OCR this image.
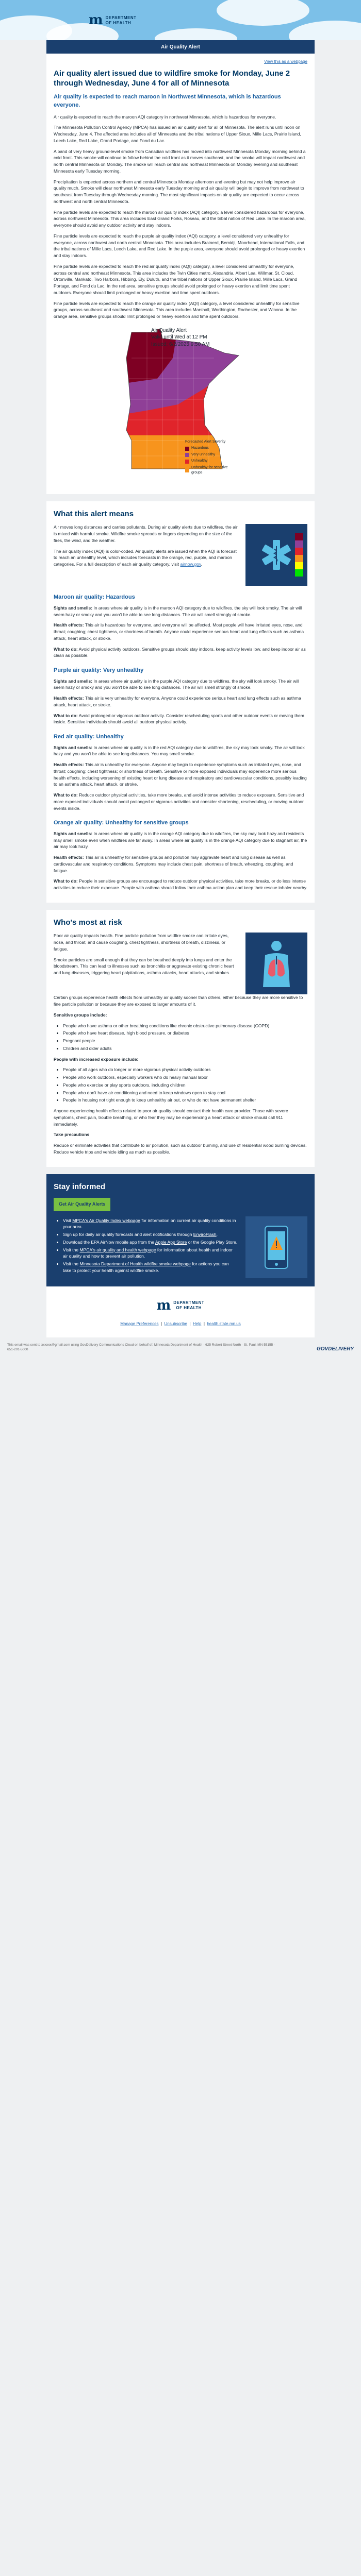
m DEPARTMENT
OF HEALTH
Air Quality Alert
View this as a webpage
Air quality alert issued due to wildfire smoke for Monday, June 2 through Wednesday, June 4 for all of Minnesota
Air quality is expected to reach maroon in Northwest Minnesota, which is hazardous everyone.

Air quality is expected to reach the maroon AQI category in northwest Minnesota, which is hazardous for everyone.

The Minnesota Pollution Control Agency (MPCA) has issued an air quality alert for all of Minnesota. The alert runs until noon on Wednesday, June 4. The affected area includes all of Minnesota and the tribal nations of Upper Sioux, Mille Lacs, Prairie Island, Leech Lake, Red Lake, Grand Portage, and Fond du Lac.

A band of very heavy ground-level smoke from Canadian wildfires has moved into northwest Minnesota Monday morning behind a cold front. This smoke will continue to follow behind the cold front as it moves southeast, and the smoke will impact northwest and north central Minnesota on Monday. The smoke will reach central and northeast Minnesota on Monday evening and southeast Minnesota early Tuesday morning.

Precipitation is expected across northern and central Minnesota Monday afternoon and evening but may not help improve air quality much. Smoke will clear northwest Minnesota early Tuesday morning and air quality will begin to improve from northwest to southeast from Tuesday through Wednesday morning. The most significant impacts on air quality are expected to occur across northwest and north central Minnesota.

Fine particle levels are expected to reach the maroon air quality index (AQI) category, a level considered hazardous for everyone, across northwest Minnesota. This area includes East Grand Forks, Roseau, and the tribal nation of Red Lake. In the maroon area, everyone should avoid any outdoor activity and stay indoors.

Fine particle levels are expected to reach the purple air quality index (AQI) category, a level considered very unhealthy for everyone, across northwest and north central Minnesota. This area includes Brainerd, Bemidji, Moorhead, International Falls, and the tribal nations of Mille Lacs, Leech Lake, and Red Lake. In the purple area, everyone should avoid prolonged or heavy exertion and stay indoors.

Fine particle levels are expected to reach the red air quality index (AQI) category, a level considered unhealthy for everyone, across central and northeast Minnesota. This area includes the Twin Cities metro, Alexandria, Albert Lea, Willmar, St. Cloud, Ortonville, Mankato, Two Harbors, Hibbing, Ely, Duluth, and the tribal nations of Upper Sioux, Prairie Island, Mille Lacs, Grand Portage, and Fond du Lac. In the red area, sensitive groups should avoid prolonged or heavy exertion and limit time spent outdoors. Everyone should limit prolonged or heavy exertion and time spent outdoors.

Fine particle levels are expected to reach the orange air quality index (AQI) category, a level considered unhealthy for sensitive groups, across southeast and southwest Minnesota. This area includes Marshall, Worthington, Rochester, and Winona. In the orange area, sensitive groups should limit prolonged or heavy exertion and time spent outdoors.

Air Quality Alert
Valid until Wed at 12 PM
Issued: 6/2/2025 9:50 AM
Forecasted Alert Severity
Hazardous
Very unhealthy
Unhealthy
Unhealthy for sensitive groups
What this alert means

Air moves long distances and carries pollutants. During air quality alerts due to wildfires, the air is mixed with harmful smoke. Wildfire smoke spreads or lingers depending on the size of the fires, the wind, and the weather.

The air quality index (AQI) is color-coded. Air quality alerts are issued when the AQI is forecast to reach an unhealthy level, which includes forecasts in the orange, red, purple, and maroon categories. For a full description of each air quality category, visit airnow.gov.

Maroon air quality: Hazardous

Sights and smells: In areas where air quality is in the maroon AQI category due to wildfires, the sky will look smoky. The air will seem hazy or smoky and you won't be able to see long distances. The air will smell strongly of smoke.

Health effects: This air is hazardous for everyone, and everyone will be affected. Most people will have irritated eyes, nose, and throat; coughing; chest tightness, or shortness of breath. Anyone could experience serious heart and lung effects such as asthma attack, heart attack, or stroke.

What to do: Avoid physical activity outdoors. Sensitive groups should stay indoors, keep activity levels low, and keep indoor air as clean as possible.

Purple air quality: Very unhealthy

Sights and smells: In areas where air quality is in the purple AQI category due to wildfires, the sky will look smoky. The air will seem hazy or smoky and you won't be able to see long distances. The air will smell strongly of smoke.

Health effects: This air is very unhealthy for everyone. Anyone could experience serious heart and lung effects such as asthma attack, heart attack, or stroke.

What to do: Avoid prolonged or vigorous outdoor activity. Consider rescheduling sports and other outdoor events or moving them inside. Sensitive individuals should avoid all outdoor physical activity.

Red air quality: Unhealthy

Sights and smells: In areas where air quality is in the red AQI category due to wildfires, the sky may look smoky. The air will look hazy and you won't be able to see long distances. You may smell smoke.

Health effects: This air is unhealthy for everyone. Anyone may begin to experience symptoms such as irritated eyes, nose, and throat; coughing; chest tightness; or shortness of breath. Sensitive or more exposed individuals may experience more serious health effects, including worsening of existing heart or lung disease and respiratory and cardiovascular conditions, possibly leading to an asthma attack, heart attack, or stroke.

What to do: Reduce outdoor physical activities, take more breaks, and avoid intense activities to reduce exposure. Sensitive and more exposed individuals should avoid prolonged or vigorous activities and consider shortening, rescheduling, or moving outdoor events inside.

Orange air quality: Unhealthy for sensitive groups

Sights and smells: In areas where air quality is in the orange AQI category due to wildfires, the sky may look hazy and residents may smell smoke even when wildfires are far away. In areas where air quality is in the orange AQI category due to stagnant air, the air may look hazy.

Health effects: This air is unhealthy for sensitive groups and pollution may aggravate heart and lung disease as well as cardiovascular and respiratory conditions. Symptoms may include chest pain, shortness of breath, wheezing, coughing, and fatigue.

What to do: People in sensitive groups are encouraged to reduce outdoor physical activities, take more breaks, or do less intense activities to reduce their exposure. People with asthma should follow their asthma action plan and keep their rescue inhaler nearby.

Who's most at risk

Poor air quality impacts health. Fine particle pollution from wildfire smoke can irritate eyes, nose, and throat, and cause coughing, chest tightness, shortness of breath, dizziness, or fatigue.

Smoke particles are small enough that they can be breathed deeply into lungs and enter the bloodstream. This can lead to illnesses such as bronchitis or aggravate existing chronic heart and lung diseases, triggering heart palpitations, asthma attacks, heart attacks, and strokes.

Certain groups experience health effects from unhealthy air quality sooner than others, either because they are more sensitive to fine particle pollution or because they are exposed to larger amounts of it.

Sensitive groups include:

• People who have asthma or other breathing conditions like chronic obstructive pulmonary disease (COPD)
• People who have heart disease, high blood pressure, or diabetes
• Pregnant people
• Children and older adults

People with increased exposure include:

• People of all ages who do longer or more vigorous physical activity outdoors
• People who work outdoors, especially workers who do heavy manual labor
• People who exercise or play sports outdoors, including children
• People who don't have air conditioning and need to keep windows open to stay cool
• People in housing not tight enough to keep unhealthy air out, or who do not have permanent shelter

Anyone experiencing health effects related to poor air quality should contact their health care provider. Those with severe symptoms, chest pain, trouble breathing, or who fear they may be experiencing a heart attack or stroke should call 911 immediately.

Take precautions

Reduce or eliminate activities that contribute to air pollution, such as outdoor burning, and use of residential wood burning devices. Reduce vehicle trips and vehicle idling as much as possible.

Stay informed
Get Air Quality Alerts
• Visit MPCA's Air Quality Index webpage for information on current air quality conditions in your area.
• Sign up for daily air quality forecasts and alert notifications through EnviroFlash.
• Download the EPA AirNow mobile app from the Apple App Store or the Google Play Store.
• Visit the MPCA's air quality and health webpage for information about health and indoor air quality and how to prevent air pollution.
• Visit the Minnesota Department of Health wildfire smoke webpage for actions you can take to protect your health against wildfire smoke.
m DEPARTMENT
OF HEALTH
Manage Preferences  |  Unsubscribe  |  Help  |  health.state.mn.us
This email was sent to xxxxxx@gmail.com using GovDelivery Communications Cloud on behalf of: Minnesota Department of Health · 625 Robert Street North · St. Paul, MN 55155 · 651-201-5000	GOVDELIVERY
